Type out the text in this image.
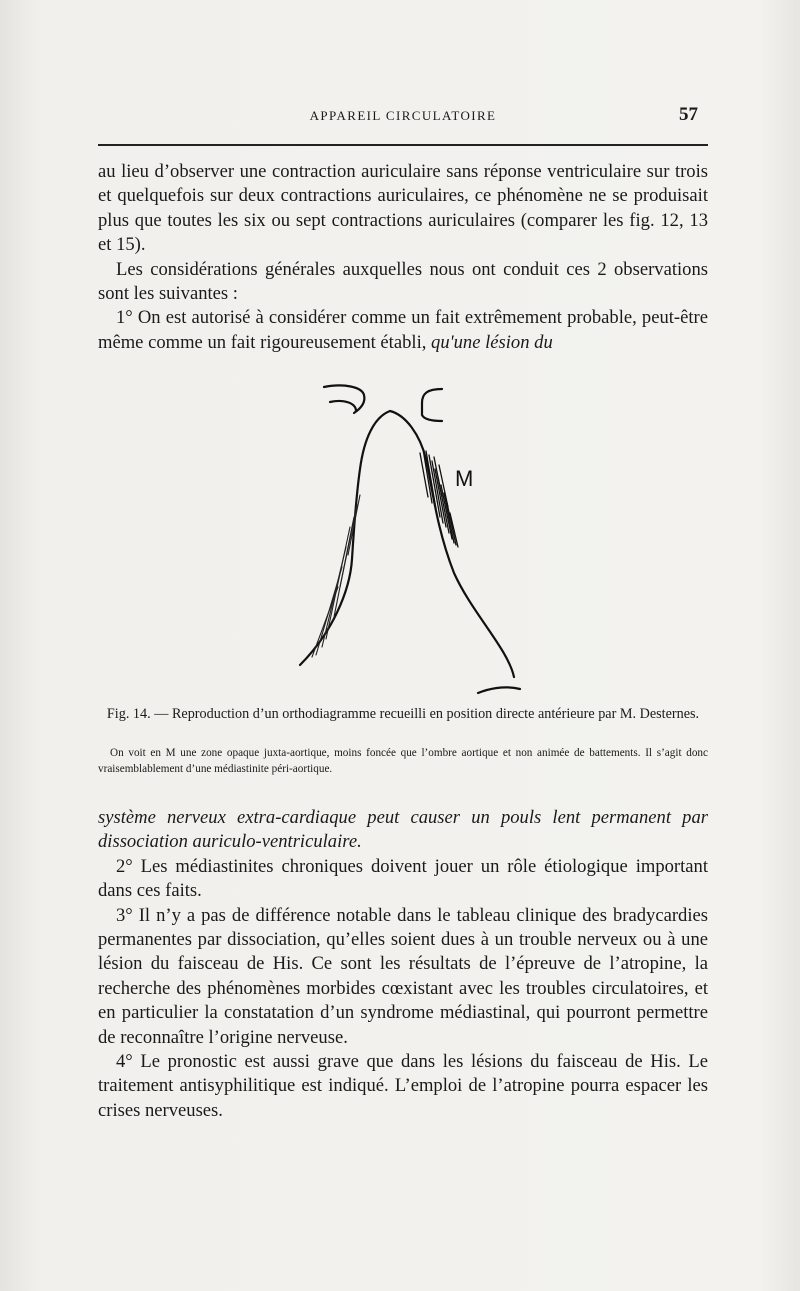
APPAREIL CIRCULATOIRE	57

au lieu d’observer une contraction auriculaire sans réponse ventriculaire sur trois et quelquefois sur deux contractions auriculaires, ce phénomène ne se produisait plus que toutes les six ou sept contractions auriculaires (comparer les fig. 12, 13 et 15).

Les considérations générales auxquelles nous ont conduit ces 2 observations sont les suivantes :

1° On est autorisé à considérer comme un fait extrêmement probable, peut-être même comme un fait rigoureusement établi, qu'une lésion du

M
Fig. 14. — Reproduction d’un orthodiagramme recueilli en position directe antérieure par M. Desternes.
On voit en M une zone opaque juxta-aortique, moins foncée que l’ombre aortique et non animée de battements. Il s’agit donc vraisemblablement d’une médiastinite péri-aortique.

système nerveux extra-cardiaque peut causer un pouls lent permanent par dissociation auriculo-ventriculaire.

2° Les médiastinites chroniques doivent jouer un rôle étiologique important dans ces faits.

3° Il n’y a pas de différence notable dans le tableau clinique des bradycardies permanentes par dissociation, qu’elles soient dues à un trouble nerveux ou à une lésion du faisceau de His. Ce sont les résultats de l’épreuve de l’atropine, la recherche des phénomènes morbides cœxistant avec les troubles circulatoires, et en particulier la constatation d’un syndrome médiastinal, qui pourront permettre de reconnaître l’origine nerveuse.

4° Le pronostic est aussi grave que dans les lésions du faisceau de His. Le traitement antisyphilitique est indiqué. L’emploi de l’atropine pourra espacer les crises nerveuses.
